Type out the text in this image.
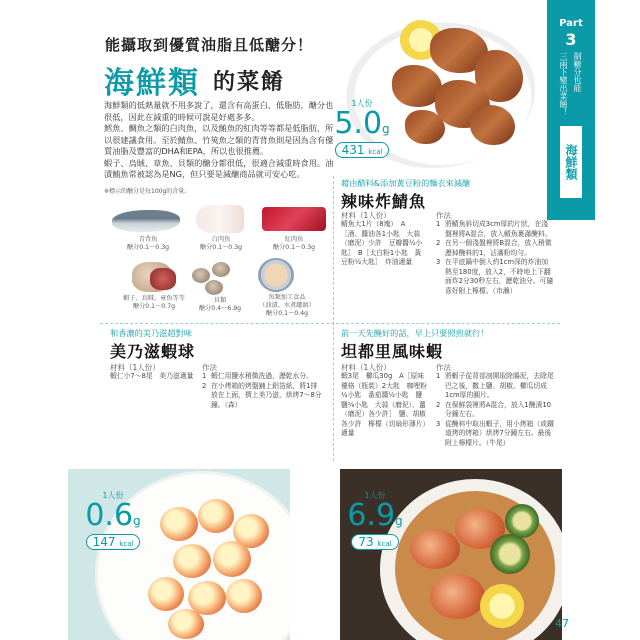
能攝取到優質油脂且低醣分！
海鮮類 的菜餚
1人份
5.0g
431 kcal
Part
3
制糖分也能
三兩下變出菜餚！
海鮮類
海鮮類的低熱量就不用多說了，還含有高蛋白、低脂肪，醣分也很低，因此在減重的時候可說是好處多多。
鱈魚、鯛魚之類的白肉魚，以及鮪魚的紅肉等等都是低脂肪，所以很建議食用。至於鯖魚、竹筴魚之類的青背魚則是因為含有優質油脂及豐富的DHA和EPA，所以也很推薦。
蝦子、烏賊、章魚、貝類的醣分都很低，很適合減重時食用。油漬鮪魚常被認為是NG，但只要是減醣商品就可安心吃。
※標示的醣分是每100g的含量。
青背魚
醣分0.1～0.3g
白肉魚
醣分0.1～0.3g
紅肉魚
醣分0.1～0.3g
蝦子、烏賊、章魚等等
醣分0.1～0.7g
貝類
醣分0.4～6.9g
魚類加工食品
（油漬、水煮罐頭）
醣分0.1～0.4g
藉由醋料&添加黃豆粉的麵衣來減醣
辣味炸鯖魚
材料（1人份）
鯖魚大1片（8塊）　A［酒、醬油各1小匙　大蒜（磨泥）少許　豆瓣醬½小匙］　B［太白粉1小匙　黃豆粉½大匙］　炸油適量
作法
1 將鯖魚斜切成3cm厚的片狀，在淺盤裡將A混合，放入鯖魚裹滿醃料。
2 在另一個淺盤裡將B混合，放入稍微瀝掉醃料的1，沾滿粉均勻。
3 在平底鍋中倒入約1cm深的炸油加熱至180度，放入2，不時地上下翻面炸2分30秒左右，瀝乾油分。可隨喜好附上檸檬。（市瀨）
和香濃的美乃滋超對味
美乃滋蝦球
材料（1人份）
蝦仁小7～8尾　美乃滋適量
作法
1 蝦仁用鹽水稍微洗過，瀝乾水分。
2 在小烤箱的烤盤鋪上鋁箔紙，將1排放在上面，擠上美乃滋，烘烤7～8分鐘。（森）
前一天先醃好的話，早上只要照煎就行！
坦都里風味蝦
材料（1人份）
蝦3尾　櫛瓜30g　A［原味優格（瓶裝）2大匙　咖哩粉¼小匙　番茄醬½小匙　鹽鹽⅛小匙　大蒜（磨泥）、薑（磨泥）各少許］　鹽、胡椒各少許　檸檬（切扇形薄片）適量
作法
1 將蝦子從背部剖開取除腸泥，去除尾巴之後，撒上鹽、胡椒。櫛瓜切成1cm厚的圓片。
2 在保鮮袋裡將A混合，放入1醃漬10分鐘左右。
3 從醃料中取出蝦子，用小烤箱（或鐵道烤的烤箱）烘烤7分鐘左右。最後附上檸檬片。（牛尾）
1人份
0.6g
147 kcal
1人份
6.9g
73 kcal
47
